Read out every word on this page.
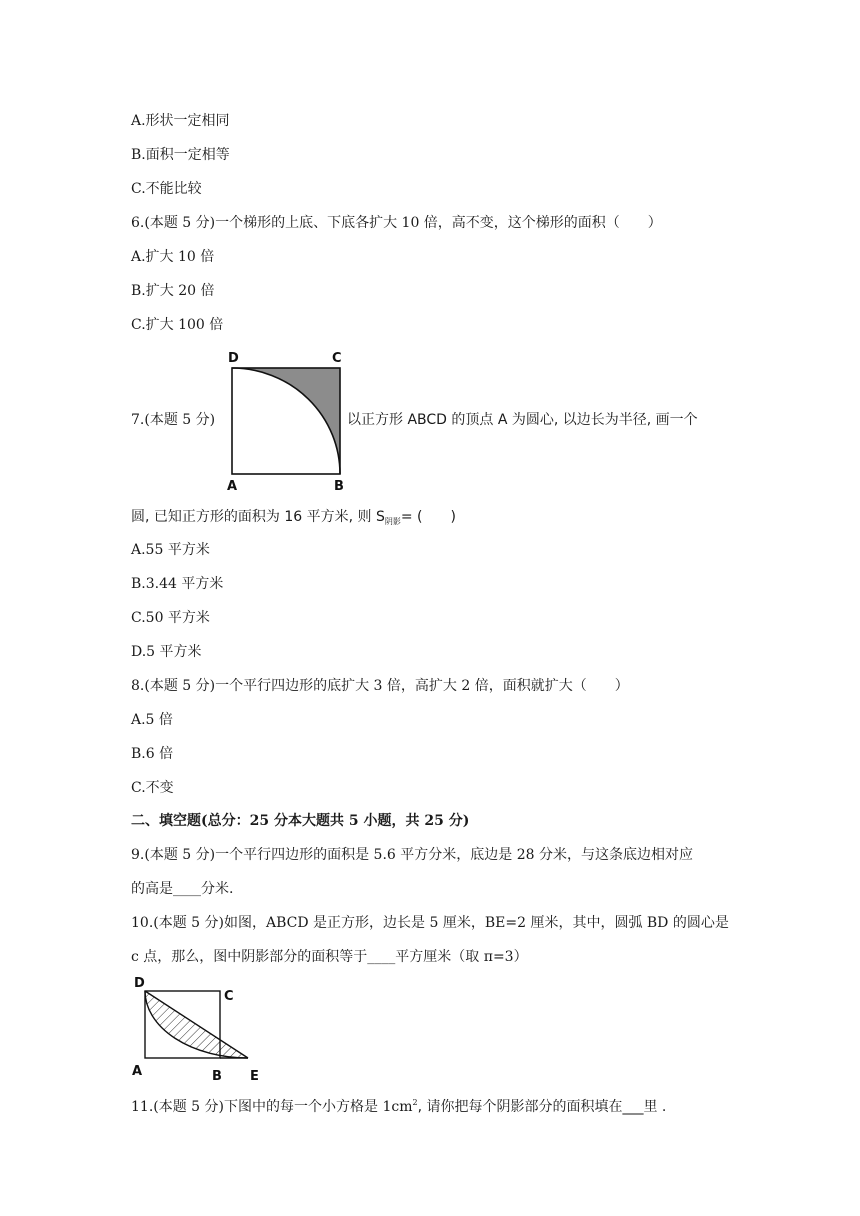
A.形状一定相同
B.面积一定相等
C.不能比较
6.(本题 5 分)一个梯形的上底、下底各扩大 10 倍，高不变，这个梯形的面积（　　）
A.扩大 10 倍
B.扩大 20 倍
C.扩大 100 倍
7.(本题 5 分)
D	C
A	B
以正方形 ABCD 的顶点 A 为圆心, 以边长为半径, 画一个
圆, 已知正方形的面积为 16 平方米, 则 $S_{阴影}=$ (　　)
A.55 平方米
B.3.44 平方米
C.50 平方米
D.5 平方米
8.(本题 5 分)一个平行四边形的底扩大 3 倍，高扩大 2 倍，面积就扩大（　　）
A.5 倍
B.6 倍
C.不变
二、填空题(总分：25 分本大题共 5 小题，共 25 分)
9.(本题 5 分)一个平行四边形的面积是 5.6 平方分米，底边是 28 分米，与这条底边相对应
的高是____分米.
10.(本题 5 分)如图，ABCD 是正方形，边长是 5 厘米，BE=2 厘米，其中，圆弧 BD 的圆心是
c 点，那么，图中阴影部分的面积等于____平方厘米（取 π=3）
D
C
A	B E
11.(本题 5 分)下图中的每一个小方格是 $1cm^2$, 请你把每个阴影部分的面积填在___里 .
